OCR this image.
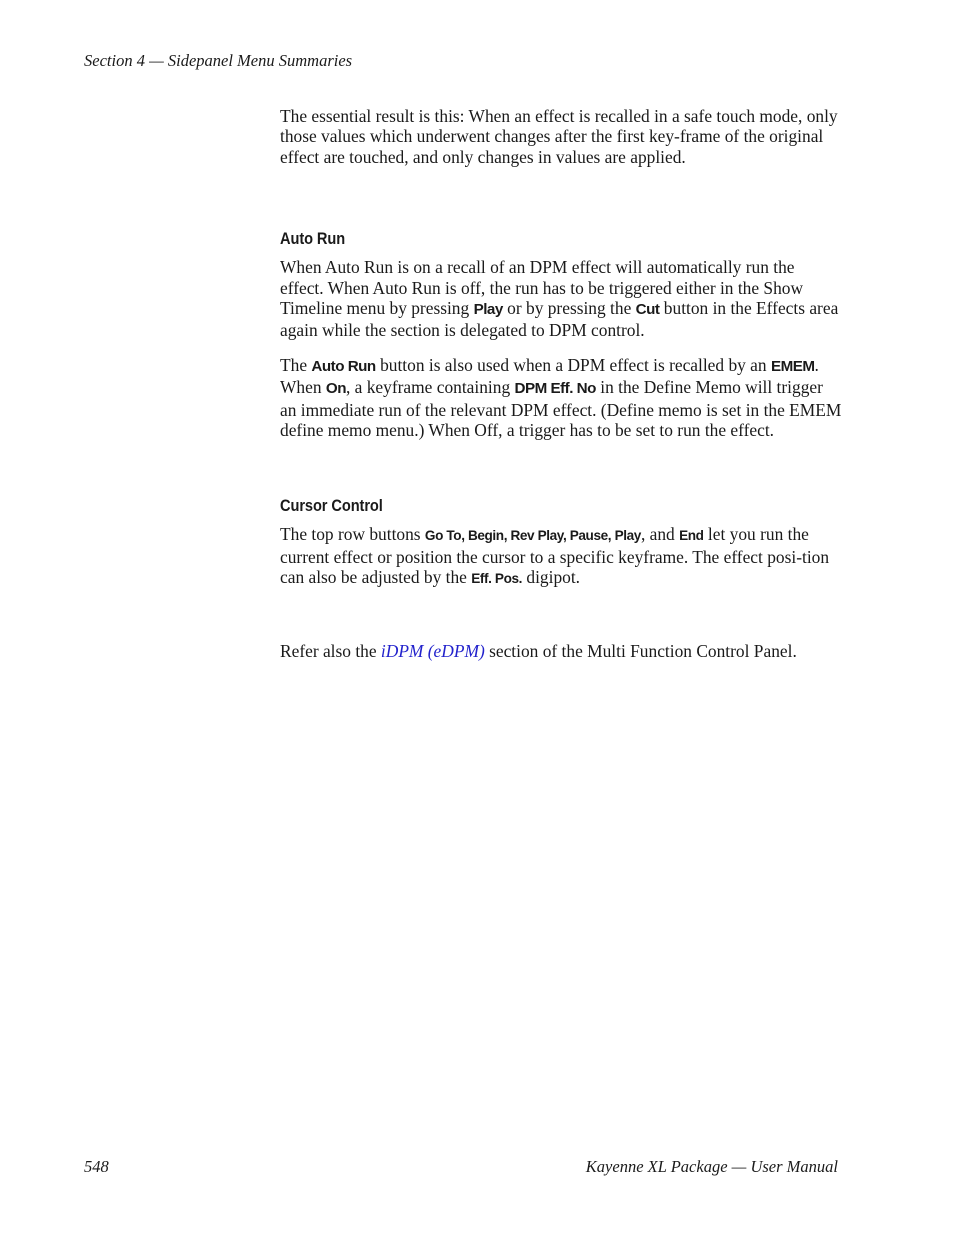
Section 4 — Sidepanel Menu Summaries

The essential result is this: When an effect is recalled in a safe touch mode, only those values which underwent changes after the first key-frame of the original effect are touched, and only changes in values are applied.

Auto Run

When Auto Run is on a recall of an DPM effect will automatically run the effect. When Auto Run is off, the run has to be triggered either in the Show Timeline menu by pressing Play or by pressing the Cut button in the Effects area again while the section is delegated to DPM control.

The Auto Run button is also used when a DPM effect is recalled by an EMEM. When On, a keyframe containing DPM Eff. No in the Define Memo will trigger an immediate run of the relevant DPM effect. (Define memo is set in the EMEM define memo menu.) When Off, a trigger has to be set to run the effect.

Cursor Control

The top row buttons Go To, Begin, Rev Play, Pause, Play, and End let you run the current effect or position the cursor to a specific keyframe. The effect posi-tion can also be adjusted by the Eff. Pos. digipot.

Refer also the iDPM (eDPM) section of the Multi Function Control Panel.

548	Kayenne XL Package — User Manual
